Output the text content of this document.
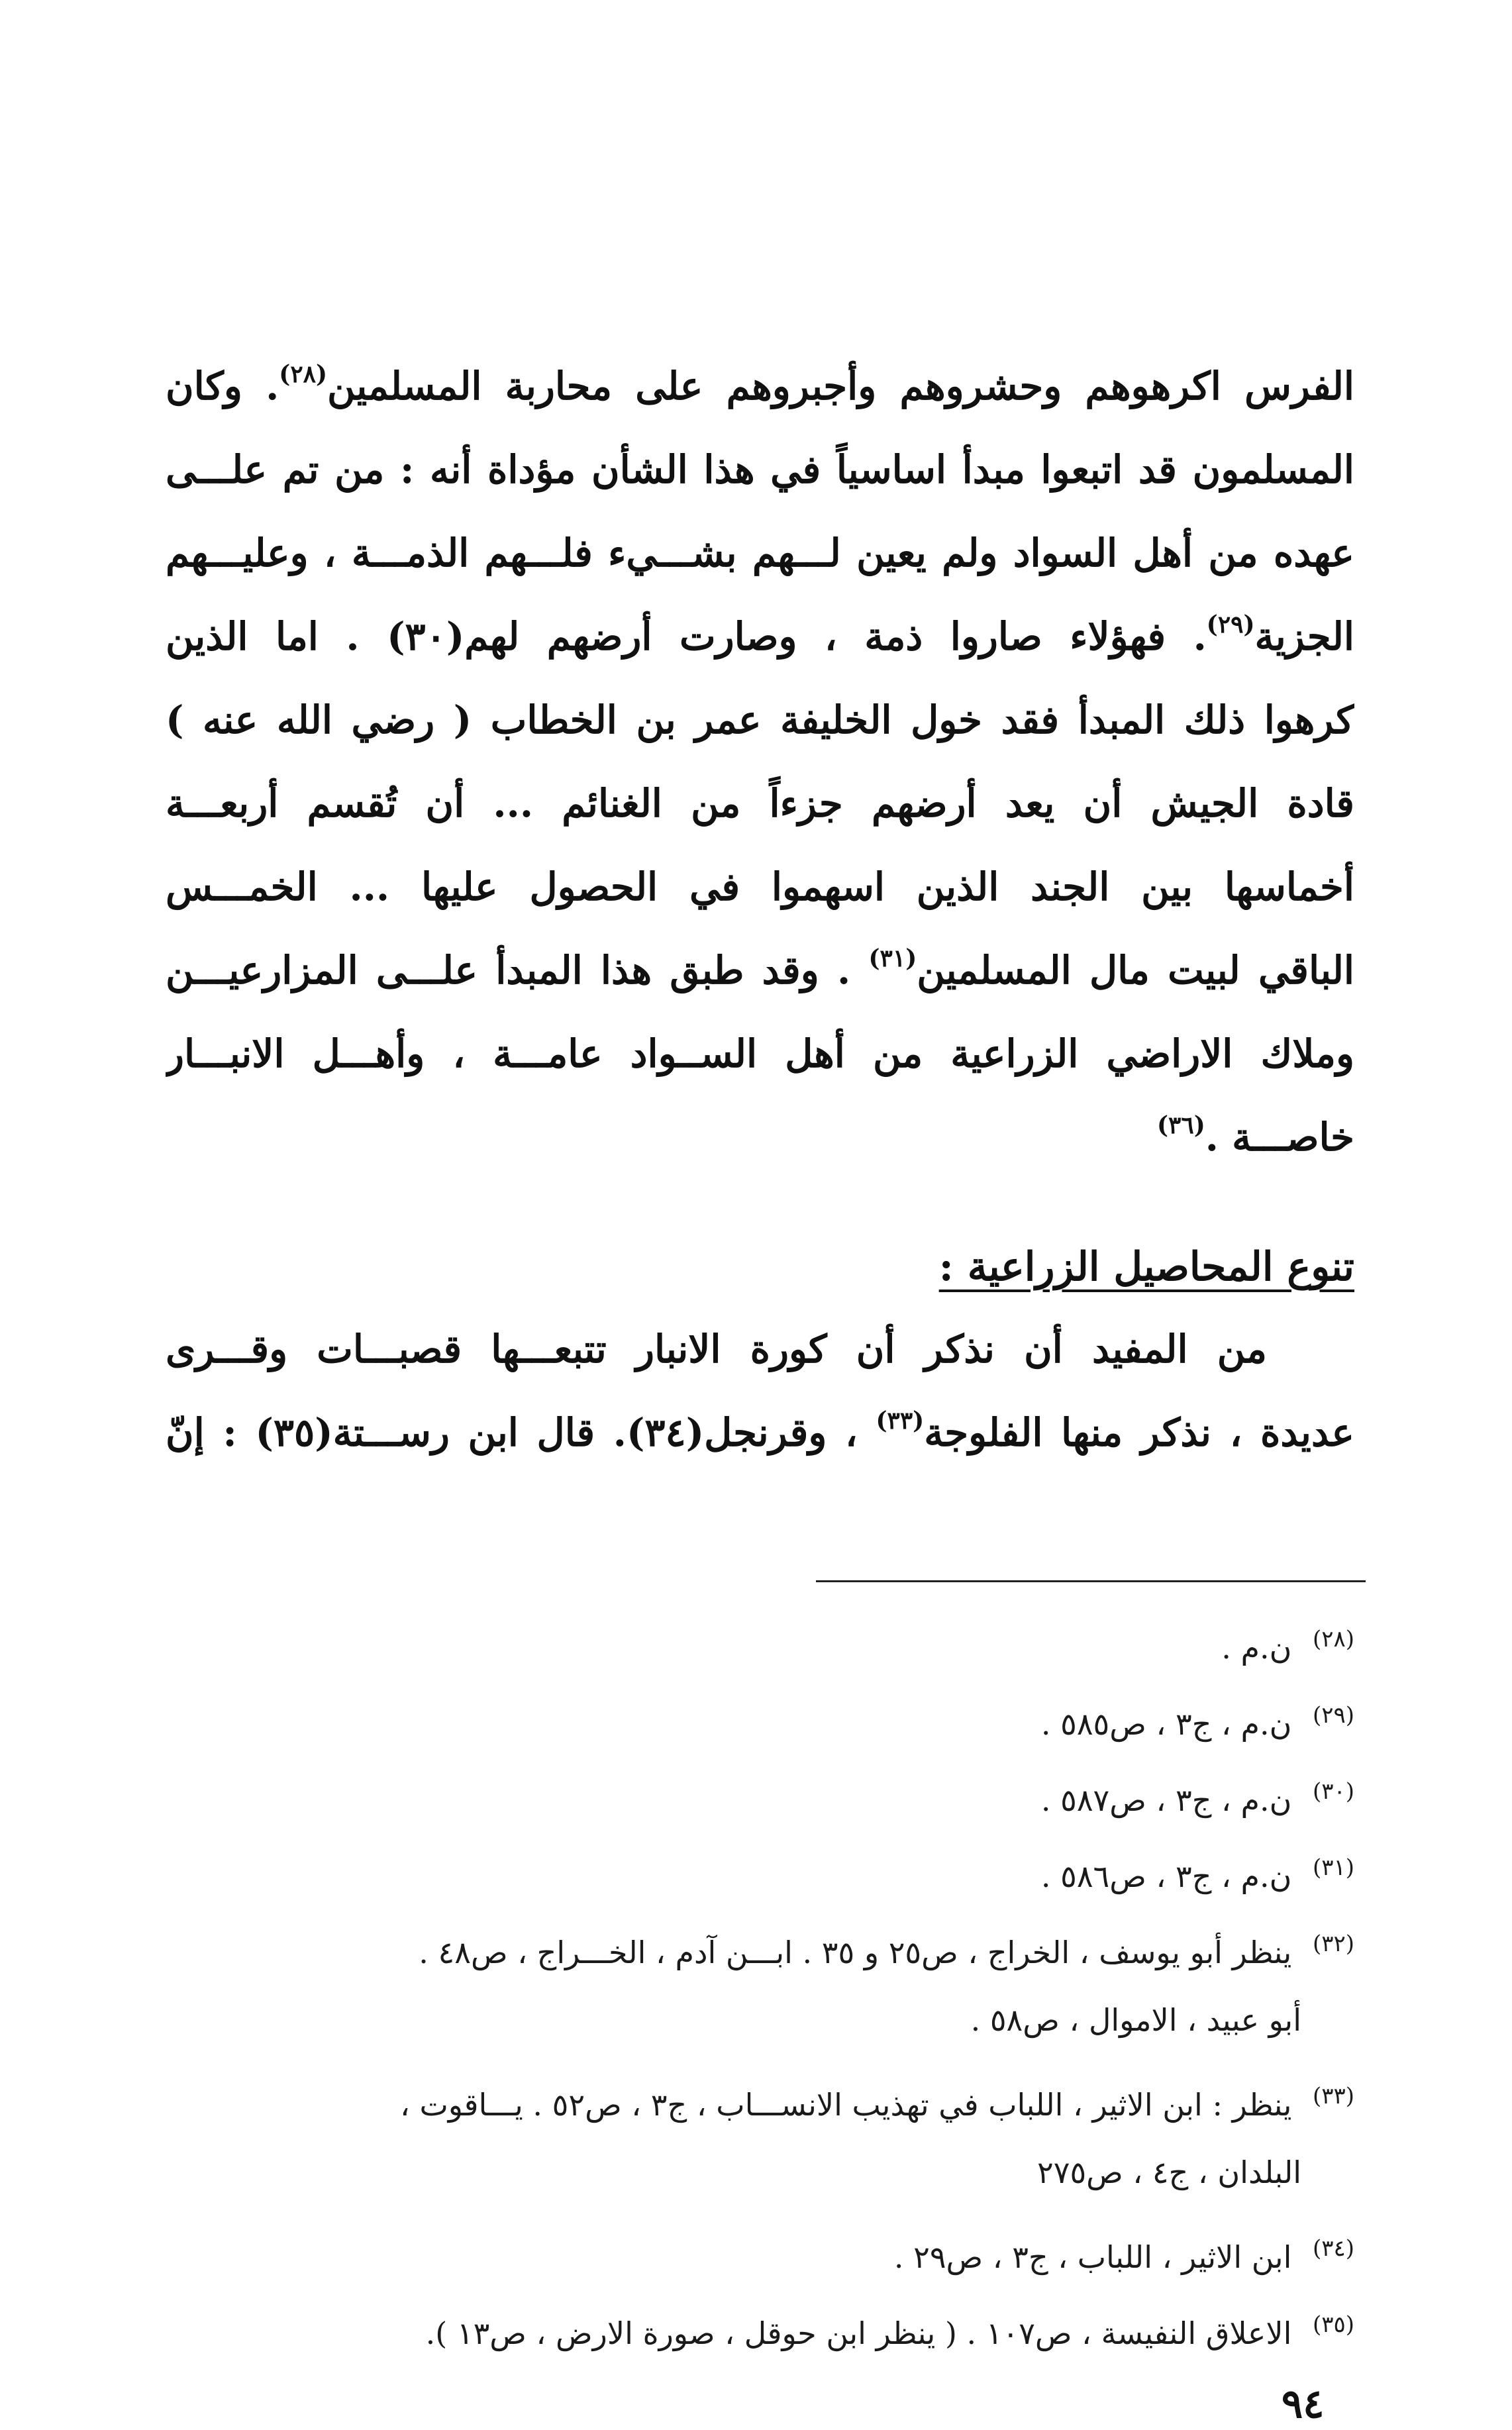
الفرس اكرهوهم وحشروهم وأجبروهم على محاربة المسلمين$^{(٢٨)}$. وكان
المسلمون قد اتبعوا مبدأ اساسياً في هذا الشأن مؤداة أنه : من تم علـــى
عهده من أهل السواد ولم يعين لـــهم بشـــيء فلـــهم الذمـــة ، وعليـــهم
الجزية$^{(٢٩)}$. فهؤلاء صاروا ذمة ، وصارت أرضهم لهم(٣٠) . اما الذين
كرهوا ذلك المبدأ فقد خول الخليفة عمر بن الخطاب ( رضي الله عنه )
قادة الجيش أن يعد أرضهم جزءاً من الغنائم ... أن تُقسم أربعـــة
أخماسها بين الجند الذين اسهموا في الحصول عليها ... الخمـــس
الباقي لبيت مال المسلمين$^{(٣١)}$ . وقد طبق هذا المبدأ علـــى المزارعيـــن
وملاك الاراضي الزراعية من أهل الســواد عامـــة ، وأهـــل الانبـــار
خاصـــة .$^{(٣٦)}$
تنوع المحاصيل الزراعية :
من المفيد أن نذكر أن كورة الانبار تتبعـــها قصبـــات وقـــرى
عديدة ، نذكر منها الفلوجة$^{(٣٣)}$ ، وقرنجل(٣٤). قال ابن رســـتة(٣٥) : إنّ
(٢٨) ن.م .
(٢٩) ن.م ، ج٣ ، ص٥٨٥ .
(٣٠) ن.م ، ج٣ ، ص٥٨٧ .
(٣١) ن.م ، ج٣ ، ص٥٨٦ .
(٣٢) ينظر أبو يوسف ، الخراج ، ص٢٥ و ٣٥ . ابـــن آدم ، الخـــراج ، ص٤٨ .
أبو عبيد ، الاموال ، ص٥٨ .
(٣٣) ينظر : ابن الاثير ، اللباب في تهذيب الانســـاب ، ج٣ ، ص٥٢ . يـــاقوت ،
البلدان ، ج٤ ، ص٢٧٥
(٣٤) ابن الاثير ، اللباب ، ج٣ ، ص٢٩ .
(٣٥) الاعلاق النفيسة ، ص١٠٧ . ( ينظر ابن حوقل ، صورة الارض ، ص١٣ ).
٩٤
